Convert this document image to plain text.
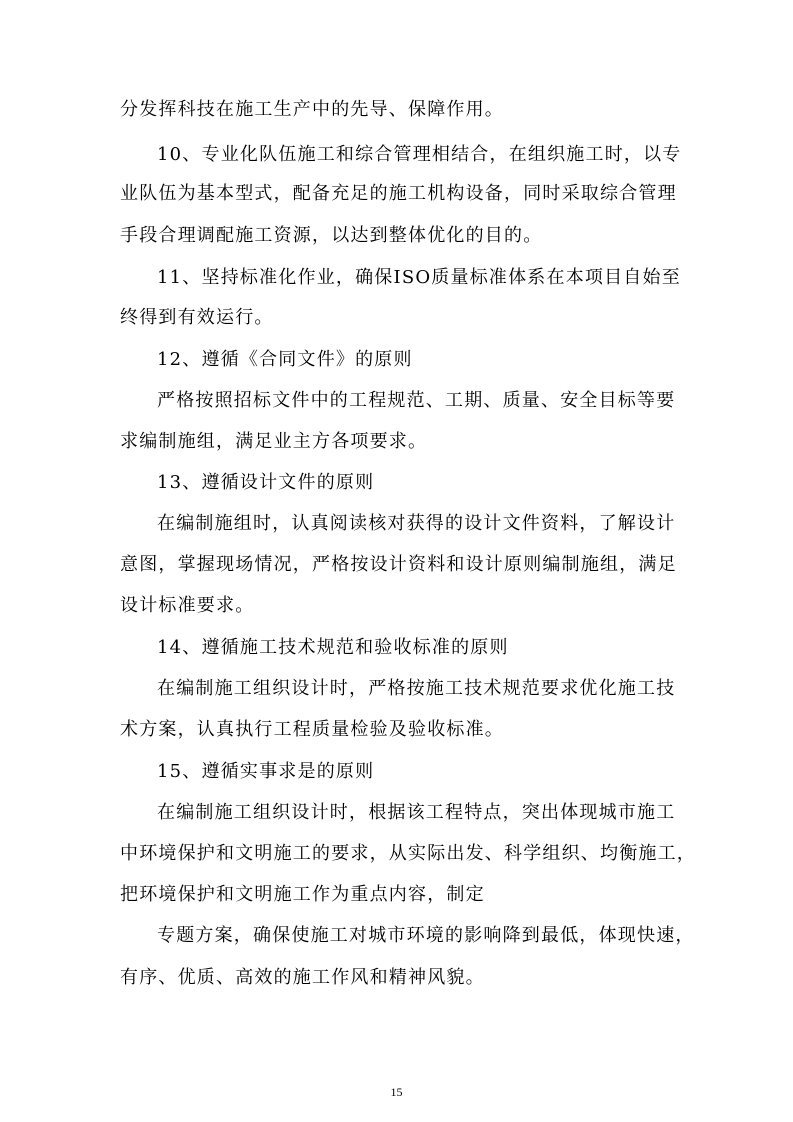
分发挥科技在施工生产中的先导、保障作用。
10、专业化队伍施工和综合管理相结合，在组织施工时，以专
业队伍为基本型式，配备充足的施工机构设备，同时采取综合管理
手段合理调配施工资源，以达到整体优化的目的。
11、坚持标准化作业，确保ISO质量标准体系在本项目自始至
终得到有效运行。
12、遵循《合同文件》的原则
严格按照招标文件中的工程规范、工期、质量、安全目标等要
求编制施组，满足业主方各项要求。
13、遵循设计文件的原则
在编制施组时，认真阅读核对获得的设计文件资料，了解设计
意图，掌握现场情况，严格按设计资料和设计原则编制施组，满足
设计标准要求。
14、遵循施工技术规范和验收标准的原则
在编制施工组织设计时，严格按施工技术规范要求优化施工技
术方案，认真执行工程质量检验及验收标准。
15、遵循实事求是的原则
在编制施工组织设计时，根据该工程特点，突出体现城市施工
中环境保护和文明施工的要求，从实际出发、科学组织、均衡施工，
把环境保护和文明施工作为重点内容，制定
专题方案，确保使施工对城市环境的影响降到最低，体现快速，
有序、优质、高效的施工作风和精神风貌。
15
